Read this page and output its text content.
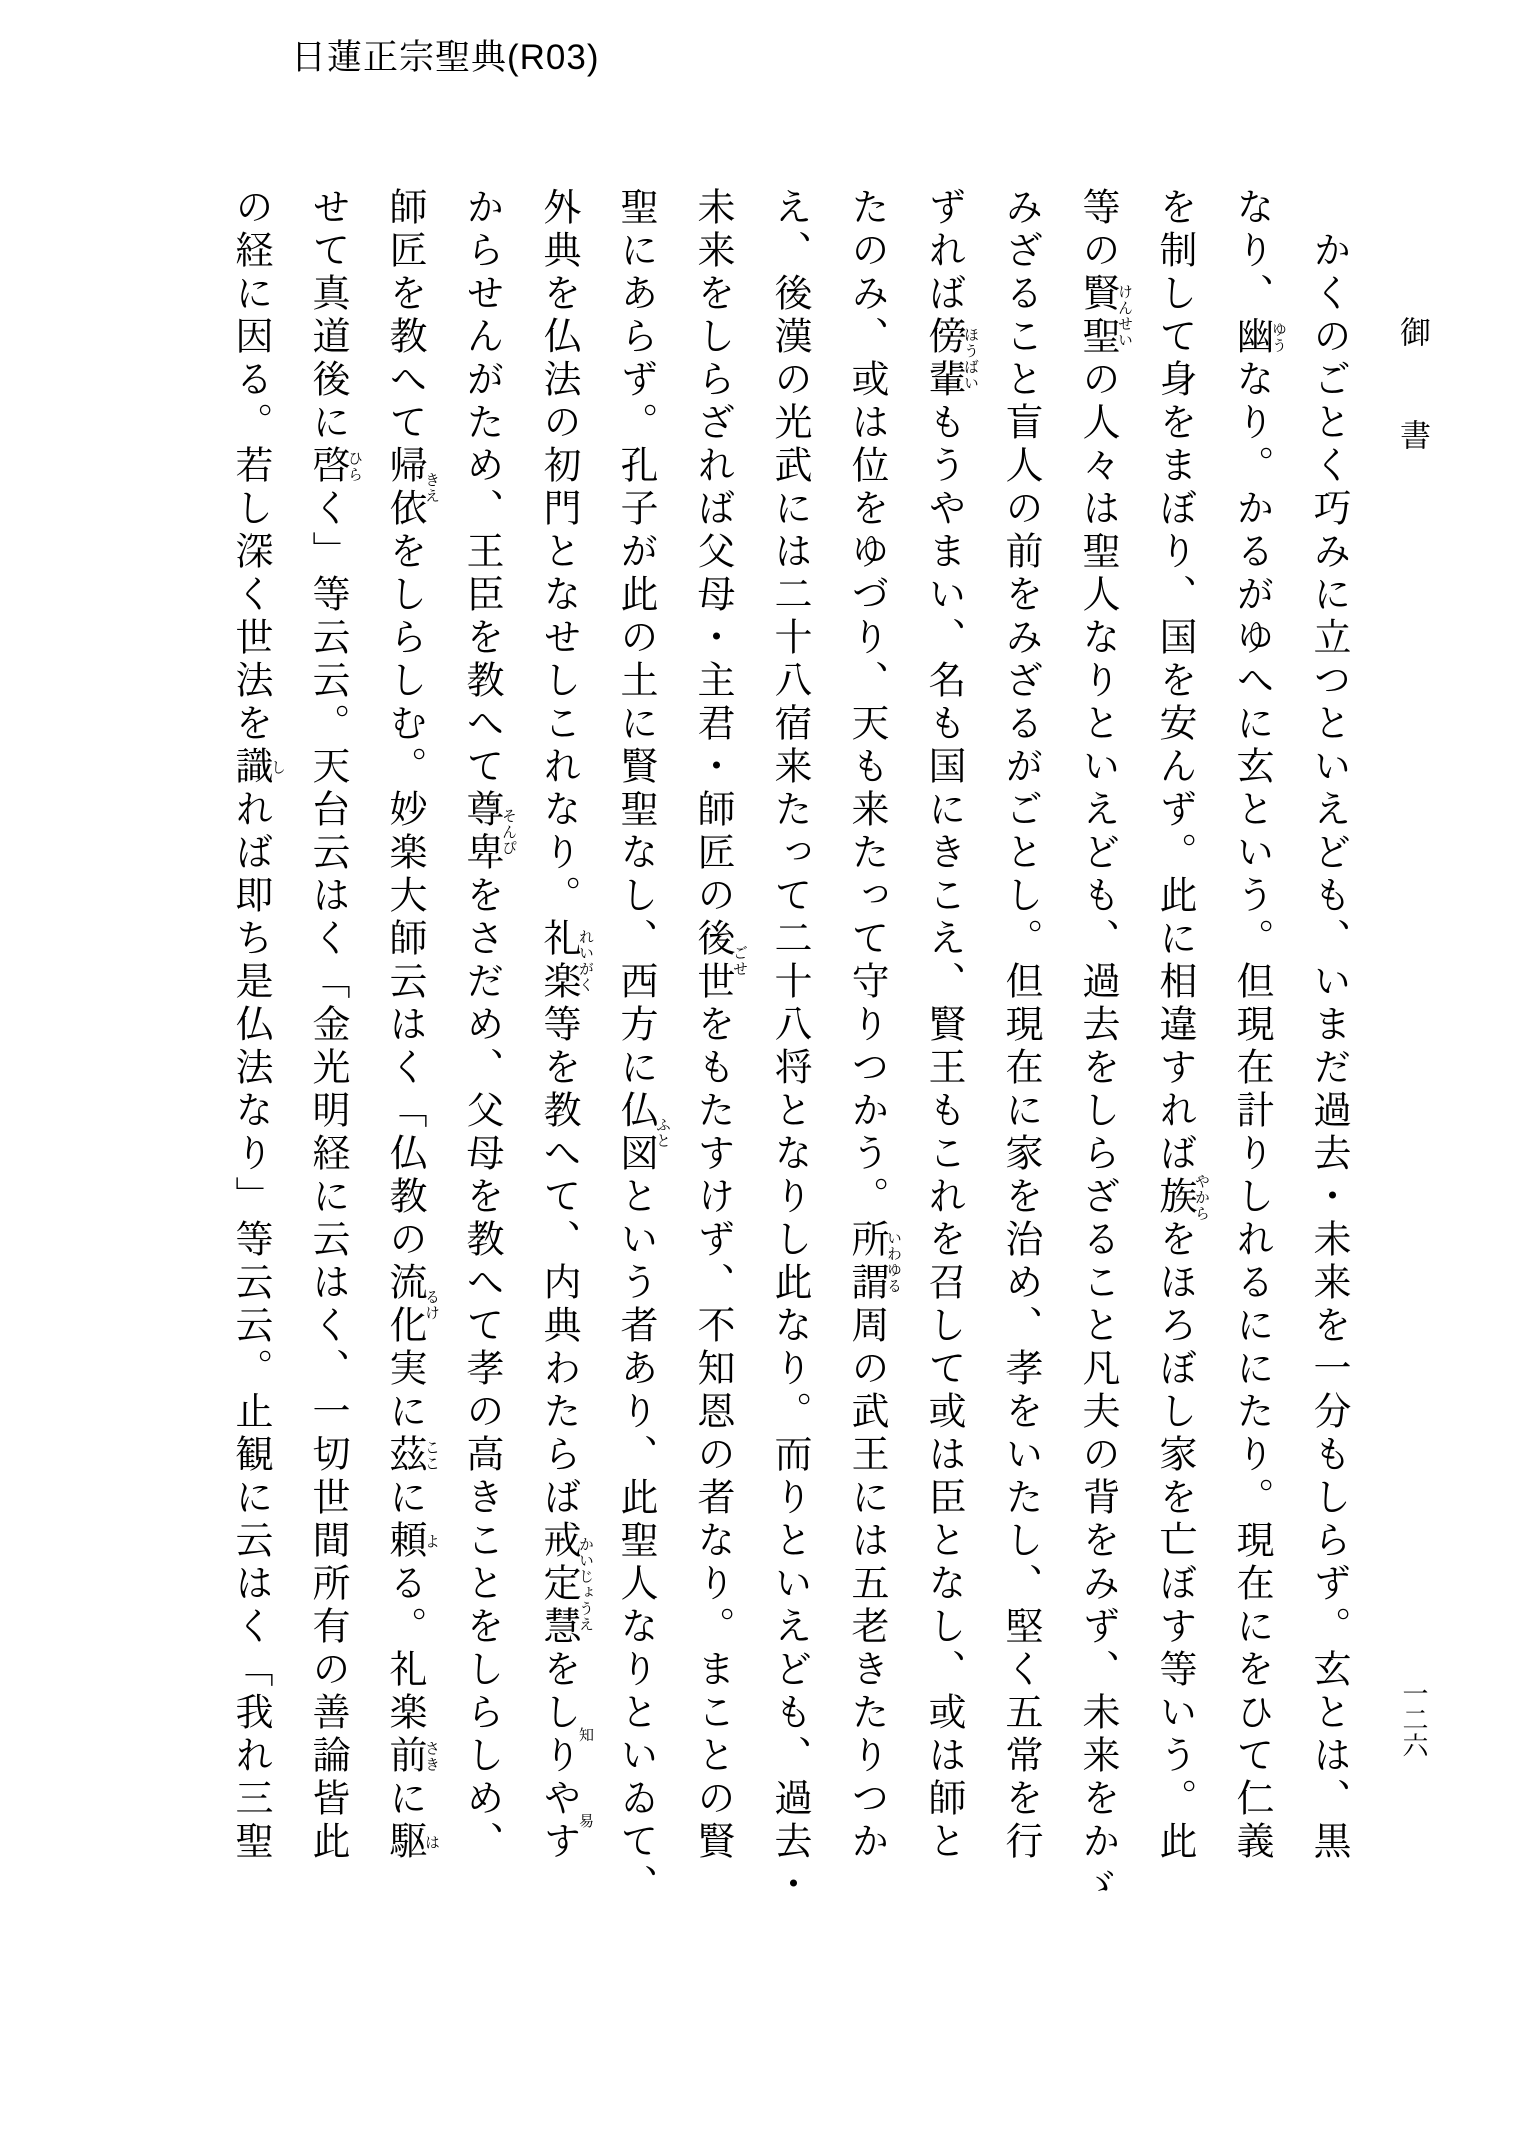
日蓮正宗聖典(R03)
御書
一二六

かくのごとく巧みに立つといえども、いまだ過去・未来を一分もしらず。玄とは、黒

なり、幽ゆうなり。かるがゆへに玄という。但現在計りしれるににたり。現在にをひて仁義

を制して身をまぼり、国を安んず。此に相違すれば族やからをほろぼし家を亡ぼす等いう。此

等の賢聖けんせいの人々は聖人なりといえども、過去をしらざること凡夫の背をみず、未来をかゞ

みざること盲人の前をみざるがごとし。但現在に家を治め、孝をいたし、堅く五常を行

ずれば傍輩ほうばいもうやまい、名も国にきこえ、賢王もこれを召して或は臣となし、或は師と

たのみ、或は位をゆづり、天も来たって守りつかう。所謂いわゆる周の武王には五老きたりつか

え、後漢の光武には二十八宿来たって二十八将となりし此なり。而りといえども、過去・

未来をしらざれば父母・主君・師匠の後世ごせをもたすけず、不知恩の者なり。まことの賢

聖にあらず。孔子が此の土に賢聖なし、西方に仏図ふとという者あり、此聖人なりといゐて、

外典を仏法の初門となせしこれなり。礼楽れいがく等を教へて、内典わたらば戒定慧かいじょうえをしり知やす易

からせんがため、王臣を教へて尊卑そんぴをさだめ、父母を教へて孝の高きことをしらしめ、

師匠を教へて帰依きえをしらしむ。妙楽大師云はく「仏教の流化るけ実に茲ここに頼よる。礼楽前さきに駆は

せて真道後に啓ひらく」等云云。天台云はく「金光明経に云はく、一切世間所有の善論皆此

の経に因る。若し深く世法を識しれば即ち是仏法なり」等云云。止観に云はく「我れ三聖
